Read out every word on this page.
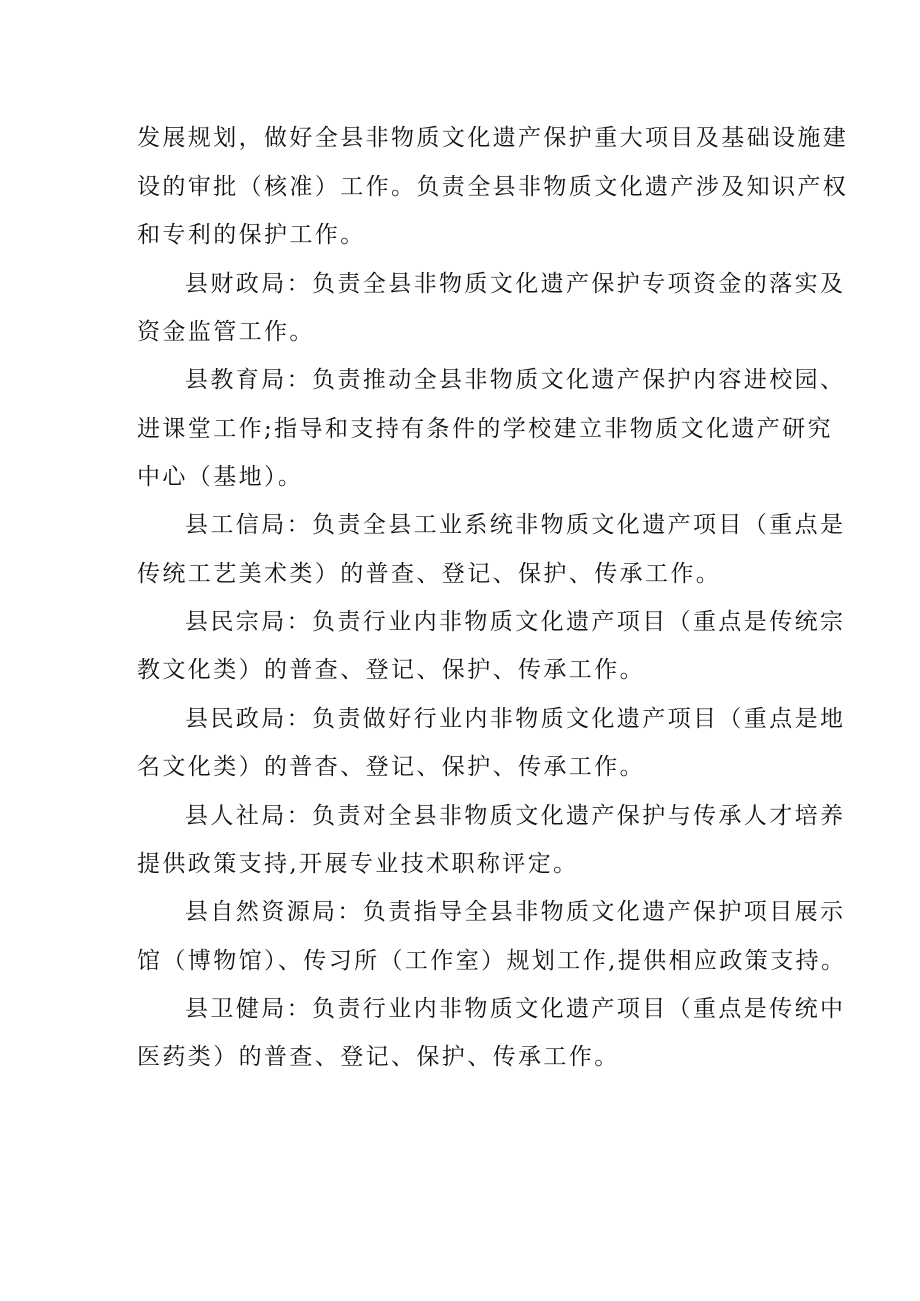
发展规划，做好全县非物质文化遗产保护重大项目及基础设施建

设的审批（核准）工作。负责全县非物质文化遗产涉及知识产权

和专利的保护工作。

县财政局：负责全县非物质文化遗产保护专项资金的落实及

资金监管工作。

县教育局：负责推动全县非物质文化遗产保护内容进校园、

进课堂工作;指导和支持有条件的学校建立非物质文化遗产研究

中心（基地）。

县工信局：负责全县工业系统非物质文化遗产项目（重点是

传统工艺美术类）的普查、登记、保护、传承工作。

县民宗局：负责行业内非物质文化遗产项目（重点是传统宗

教文化类）的普查、登记、保护、传承工作。

县民政局：负责做好行业内非物质文化遗产项目（重点是地

名文化类）的普杳、登记、保护、传承工作。

县人社局：负责对全县非物质文化遗产保护与传承人才培养

提供政策支持,开展专业技术职称评定。

县自然资源局：负责指导全县非物质文化遗产保护项目展示

馆（博物馆）、传习所（工作室）规划工作,提供相应政策支持。

县卫健局：负责行业内非物质文化遗产项目（重点是传统中

医药类）的普查、登记、保护、传承工作。
